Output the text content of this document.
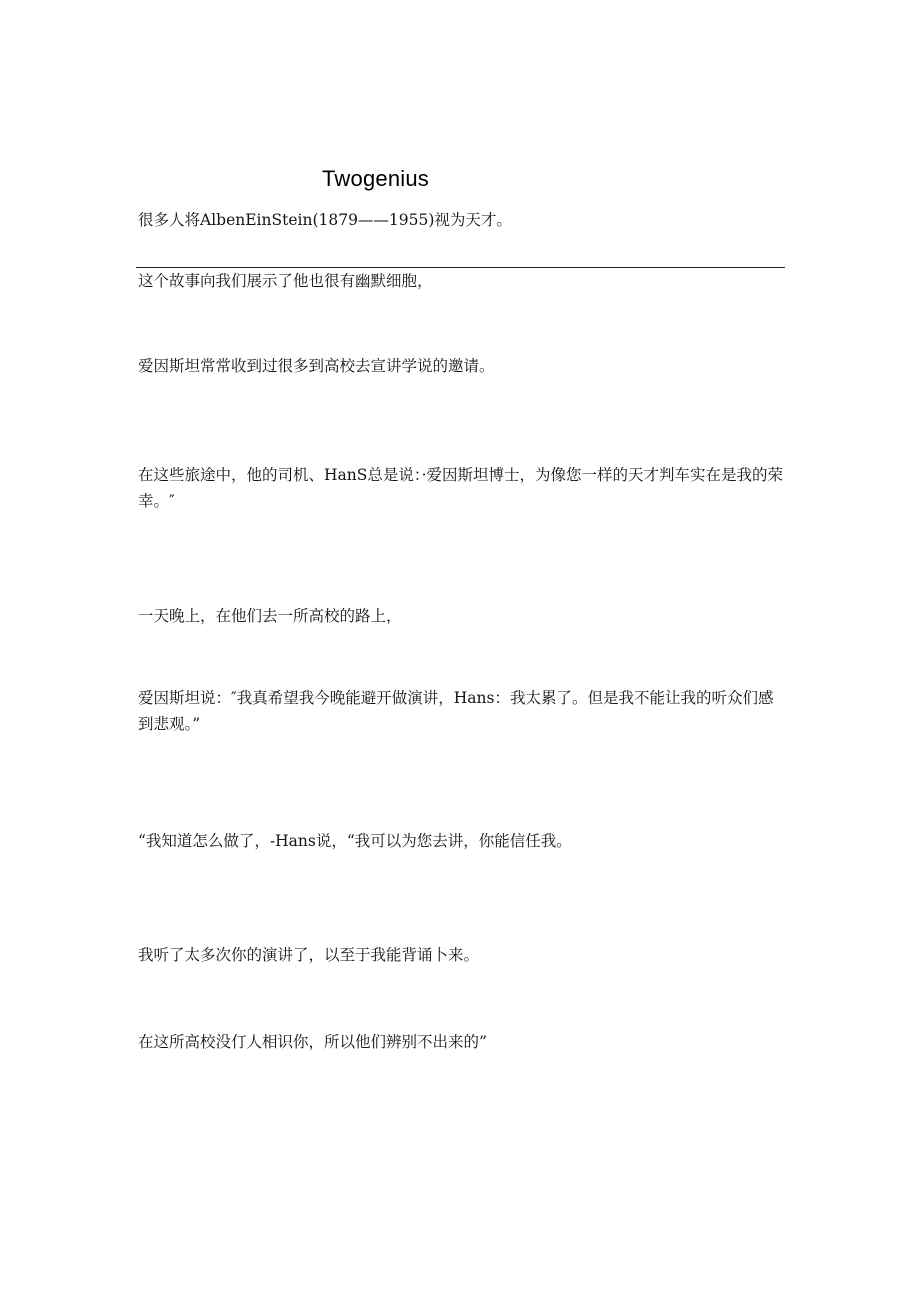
Twogenius
很多人将AlbenEinStein(1879——1955)视为天才。
这个故事向我们展示了他也很有幽默细胞，
爱因斯坦常常收到过很多到高校去宣讲学说的邀请。
在这些旅途中，他的司机、HanS总是说：·爱因斯坦博士，为像您一样的天才判车实在是我的荣幸。″
一天晚上，在他们去一所高校的路上，
爱因斯坦说：″我真希望我今晚能避开做演讲，Hans：我太累了。但是我不能让我的听众们感到悲观。”
“我知道怎么做了，-Hans说，“我可以为您去讲，你能信任我。
我听了太多次你的演讲了，以至于我能背诵卜来。
在这所高校没仃人相识你，所以他们辨别不出来的”
